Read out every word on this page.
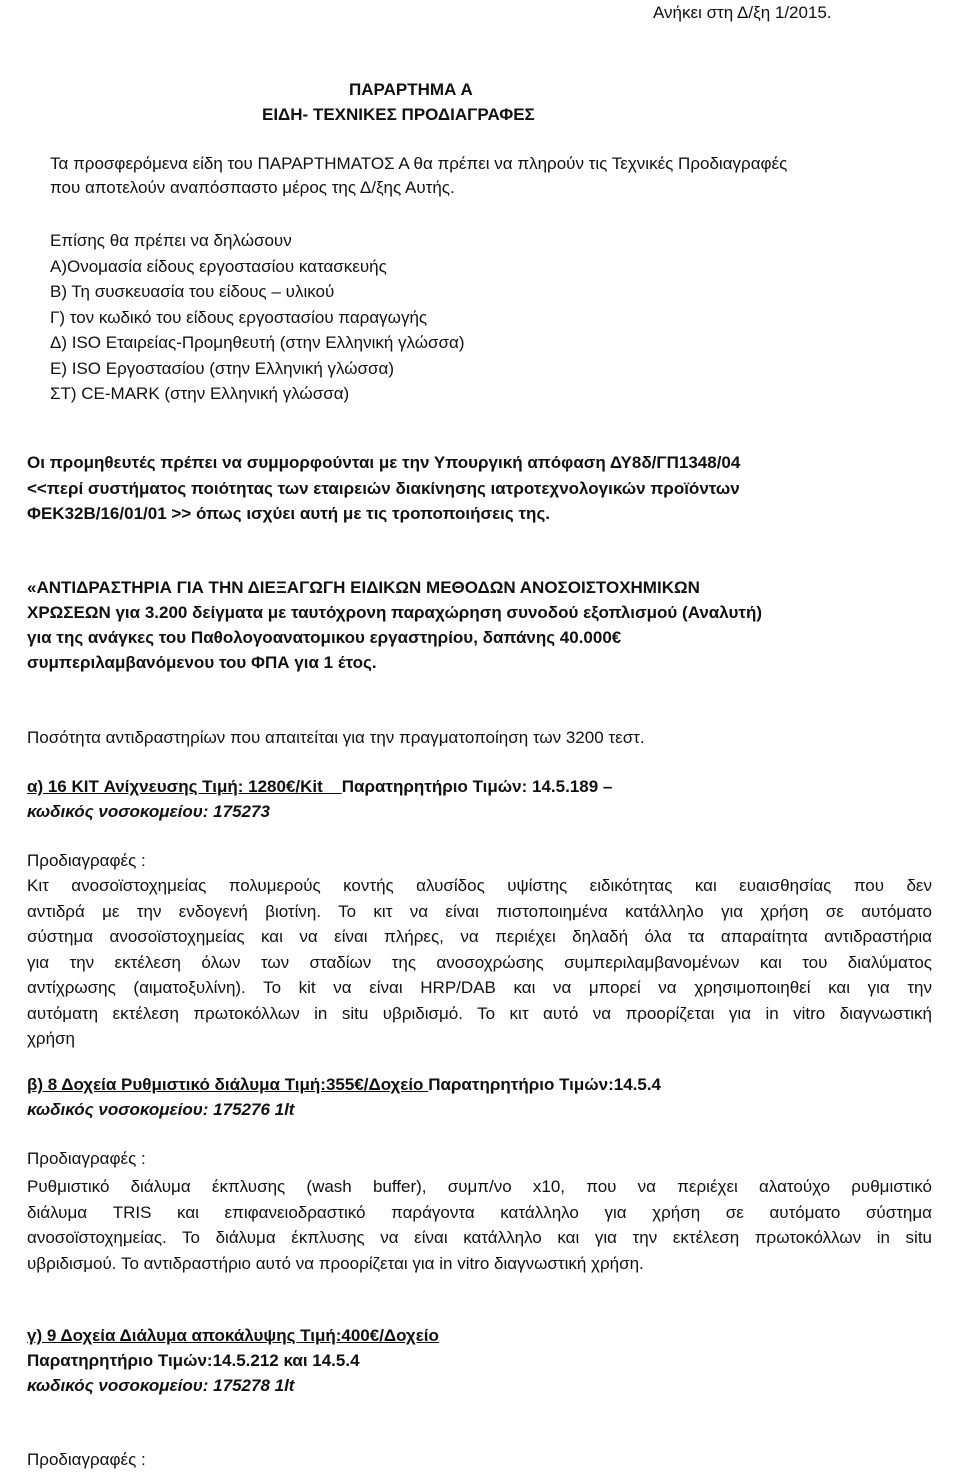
Ανήκει στη Δ/ξη 1/2015.
ΠΑΡΑΡΤΗΜΑ Α
ΕΙΔΗ- ΤΕΧΝΙΚΕΣ ΠΡΟΔΙΑΓΡΑΦΕΣ
Τα προσφερόμενα είδη του ΠΑΡΑΡΤΗΜΑΤΟΣ Α θα πρέπει να πληρούν τις Τεχνικές Προδιαγραφές
που αποτελούν αναπόσπαστο μέρος της Δ/ξης Αυτής.
Επίσης θα πρέπει να δηλώσουν
Α)Ονομασία είδους εργοστασίου κατασκευής
Β) Τη συσκευασία του είδους – υλικού
Γ) τον κωδικό του είδους εργοστασίου παραγωγής
Δ) ISO Εταιρείας-Προμηθευτή (στην Ελληνική γλώσσα)
Ε) ISO Εργοστασίου (στην Ελληνική γλώσσα)
ΣΤ) CE-MARK (στην Ελληνική γλώσσα)
Οι προμηθευτές πρέπει να συμμορφούνται με την Υπουργική απόφαση ΔΥ8δ/ΓΠ1348/04
<<περί συστήματος ποιότητας των εταιρειών διακίνησης ιατροτεχνολογικών προϊόντων
ΦΕΚ32Β/16/01/01 >> όπως ισχύει αυτή με τις τροποποιήσεις της.
«ΑΝΤΙΔΡΑΣΤΗΡΙΑ ΓΙΑ ΤΗΝ ΔΙΕΞΑΓΩΓΗ ΕΙΔΙΚΩΝ ΜΕΘΟΔΩΝ ΑΝΟΣΟΙΣΤΟΧΗΜΙΚΩΝ
ΧΡΩΣΕΩΝ για 3.200 δείγματα με ταυτόχρονη παραχώρηση συνοδού εξοπλισμού (Αναλυτή)
για της ανάγκες του Παθολογοανατομικου εργαστηρίου, δαπάνης 40.000€
συμπεριλαμβανόμενου του ΦΠΑ για 1 έτος.
Ποσότητα αντιδραστηρίων που απαιτείται για την πραγματοποίηση των 3200 τεστ.
α) 16 KIT Ανίχνευσης Τιμή: 1280€/Kit Παρατηρητήριο Τιμών: 14.5.189 –
κωδικός νοσοκομείου: 175273
Προδιαγραφές :
Κιτ ανοσοϊστοχημείας πολυμερούς κοντής αλυσίδος υψίστης ειδικότητας και ευαισθησίας που δεν
αντιδρά με την ενδογενή βιοτίνη. Το κιτ να είναι πιστοποιημένα κατάλληλο για χρήση σε αυτόματο
σύστημα ανοσοϊστοχημείας και να είναι πλήρες, να περιέχει δηλαδή όλα τα απαραίτητα αντιδραστήρια
για την εκτέλεση όλων των σταδίων της ανοσοχρώσης συμπεριλαμβανομένων και του διαλύματος
αντίχρωσης (αιματοξυλίνη). Το kit να είναι HRP/DAB και να μπορεί να χρησιμοποιηθεί και για την
αυτόματη εκτέλεση πρωτοκόλλων in situ υβριδισμό. Το κιτ αυτό να προορίζεται για in vitro διαγνωστική
χρήση
β) 8 Δοχεία Ρυθμιστικό διάλυμα Τιμή:355€/Δοχείο Παρατηρητήριο Τιμών:14.5.4
κωδικός νοσοκομείου: 175276 1lt
Προδιαγραφές :
Ρυθμιστικό διάλυμα έκπλυσης (wash buffer), συμπ/νο x10, που να περιέχει αλατούχο ρυθμιστικό
διάλυμα TRIS και επιφανειοδραστικό παράγοντα κατάλληλο για χρήση σε αυτόματο σύστημα
ανοσοϊστοχημείας. Το διάλυμα έκπλυσης να είναι κατάλληλο και για την εκτέλεση πρωτοκόλλων in situ
υβριδισμού. Το αντιδραστήριο αυτό να προορίζεται για in vitro διαγνωστική χρήση.
γ) 9 Δοχεία Διάλυμα αποκάλυψης Τιμή:400€/Δοχείο
Παρατηρητήριο Τιμών:14.5.212 και 14.5.4
κωδικός νοσοκομείου: 175278 1lt
Προδιαγραφές :
